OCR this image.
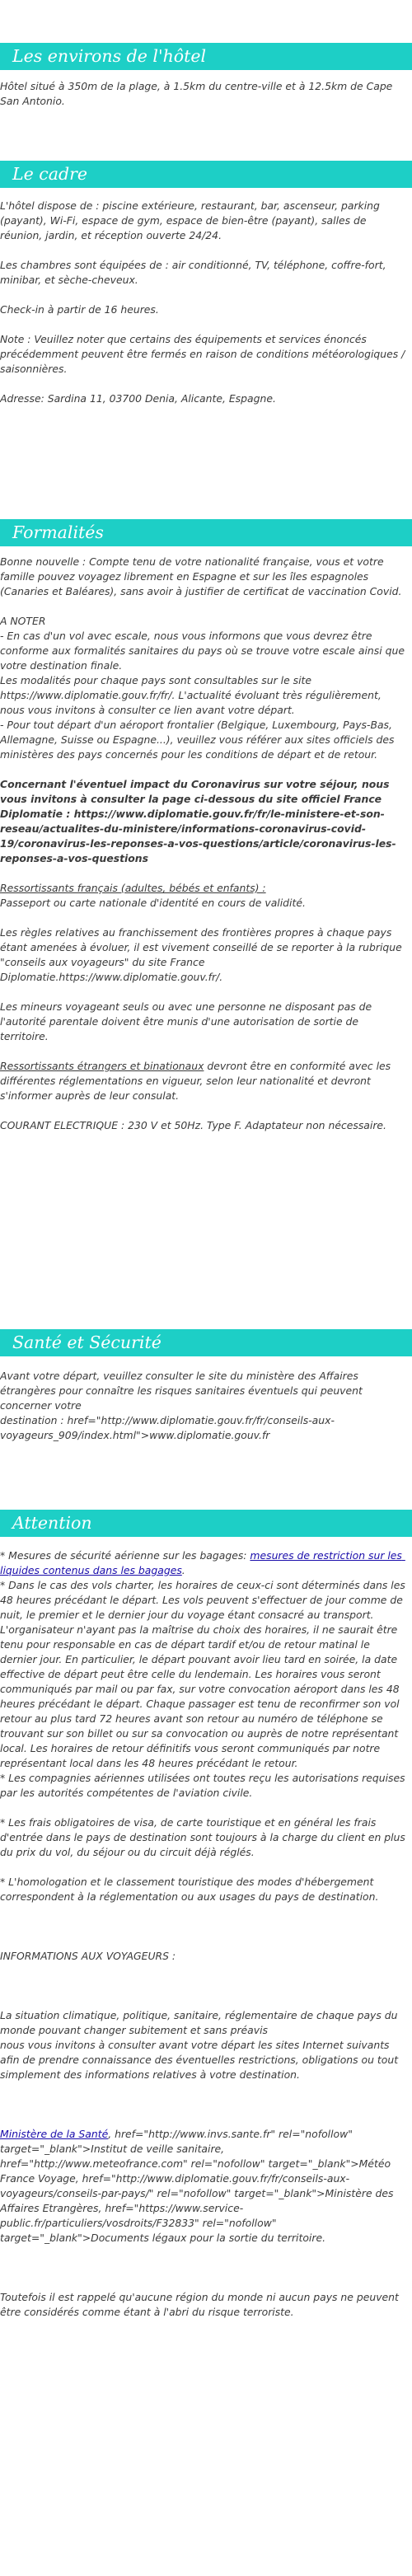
Les environs de l'hôtel

Hôtel situé à 350m de la plage, à 1.5km du centre-ville et à 12.5km de Cape San Antonio.

Le cadre

L'hôtel dispose de : piscine extérieure, restaurant, bar, ascenseur, parking (payant), Wi-Fi, espace de gym, espace de bien-être (payant), salles de réunion, jardin, et réception ouverte 24/24.

Les chambres sont équipées de : air conditionné, TV, téléphone, coffre-fort, minibar, et sèche-cheveux.

Check-in à partir de 16 heures.

Note : Veuillez noter que certains des équipements et services énoncés précédemment peuvent être fermés en raison de conditions météorologiques / saisonnières.

Adresse: Sardina 11, 03700 Denia, Alicante, Espagne.

Formalités

Bonne nouvelle : Compte tenu de votre nationalité française, vous et votre famille pouvez voyagez librement en Espagne et sur les îles espagnoles (Canaries et Baléares), sans avoir à justifier de certificat de vaccination Covid.

A NOTER
- En cas d'un vol avec escale, nous vous informons que vous devrez être conforme aux formalités sanitaires du pays où se trouve votre escale ainsi que votre destination finale.
Les modalités pour chaque pays sont consultables sur le site https://www.diplomatie.gouv.fr/fr/. L'actualité évoluant très régulièrement, nous vous invitons à consulter ce lien avant votre départ.
- Pour tout départ d'un aéroport frontalier (Belgique, Luxembourg, Pays-Bas, Allemagne, Suisse ou Espagne...), veuillez vous référer aux sites officiels des ministères des pays concernés pour les conditions de départ et de retour.

Concernant l'éventuel impact du Coronavirus sur votre séjour, nous vous invitons à consulter la page ci-dessous du site officiel France Diplomatie : https://www.diplomatie.gouv.fr/fr/le-ministere-et-son-reseau/actualites-du-ministere/informations-coronavirus-covid-19/coronavirus-les-reponses-a-vos-questions/article/coronavirus-les-reponses-a-vos-questions

Ressortissants français (adultes, bébés et enfants) :
Passeport ou carte nationale d'identité en cours de validité.

Les règles relatives au franchissement des frontières propres à chaque pays étant amenées à évoluer, il est vivement conseillé de se reporter à la rubrique "conseils aux voyageurs" du site France Diplomatie.https://www.diplomatie.gouv.fr/.

Les mineurs voyageant seuls ou avec une personne ne disposant pas de l'autorité parentale doivent être munis d'une autorisation de sortie de territoire.

Ressortissants étrangers et binationaux devront être en conformité avec les différentes réglementations en vigueur, selon leur nationalité et devront s'informer auprès de leur consulat.

COURANT ELECTRIQUE : 230 V et 50Hz. Type F. Adaptateur non nécessaire.

Santé et Sécurité

Avant votre départ, veuillez consulter le site du ministère des Affaires étrangères pour connaître les risques sanitaires éventuels qui peuvent concerner votre
destination : href="http://www.diplomatie.gouv.fr/fr/conseils-aux-voyageurs_909/index.html">www.diplomatie.gouv.fr

Attention

* Mesures de sécurité aérienne sur les bagages: mesures de restriction sur les liquides contenus dans les bagages.
* Dans le cas des vols charter, les horaires de ceux-ci sont déterminés dans les 48 heures précédant le départ. Les vols peuvent s'effectuer de jour comme de nuit, le premier et le dernier jour du voyage étant consacré au transport. L'organisateur n'ayant pas la maîtrise du choix des horaires, il ne saurait être tenu pour responsable en cas de départ tardif et/ou de retour matinal le dernier jour. En particulier, le départ pouvant avoir lieu tard en soirée, la date effective de départ peut être celle du lendemain. Les horaires vous seront communiqués par mail ou par fax, sur votre convocation aéroport dans les 48 heures précédant le départ. Chaque passager est tenu de reconfirmer son vol retour au plus tard 72 heures avant son retour au numéro de téléphone se trouvant sur son billet ou sur sa convocation ou auprès de notre représentant local. Les horaires de retour définitifs vous seront communiqués par notre représentant local dans les 48 heures précédant le retour.
* Les compagnies aériennes utilisées ont toutes reçu les autorisations requises par les autorités compétentes de l'aviation civile.

* Les frais obligatoires de visa, de carte touristique et en général les frais d'entrée dans le pays de destination sont toujours à la charge du client en plus du prix du vol, du séjour ou du circuit déjà réglés.

* L'homologation et le classement touristique des modes d'hébergement correspondent à la réglementation ou aux usages du pays de destination.

INFORMATIONS AUX VOYAGEURS :

La situation climatique, politique, sanitaire, réglementaire de chaque pays du monde pouvant changer subitement et sans préavis
nous vous invitons à consulter avant votre départ les sites Internet suivants afin de prendre connaissance des éventuelles restrictions, obligations ou tout simplement des informations relatives à votre destination.

Ministère de la Santé, href="http://www.invs.sante.fr" rel="nofollow" target="_blank">Institut de veille sanitaire, href="http://www.meteofrance.com" rel="nofollow" target="_blank">Météo France Voyage, href="http://www.diplomatie.gouv.fr/fr/conseils-aux-voyageurs/conseils-par-pays/" rel="nofollow" target="_blank">Ministère des Affaires Etrangères, href="https://www.service-public.fr/particuliers/vosdroits/F32833" rel="nofollow" target="_blank">Documents légaux pour la sortie du territoire.

Toutefois il est rappelé qu'aucune région du monde ni aucun pays ne peuvent être considérés comme étant à l'abri du risque terroriste.
